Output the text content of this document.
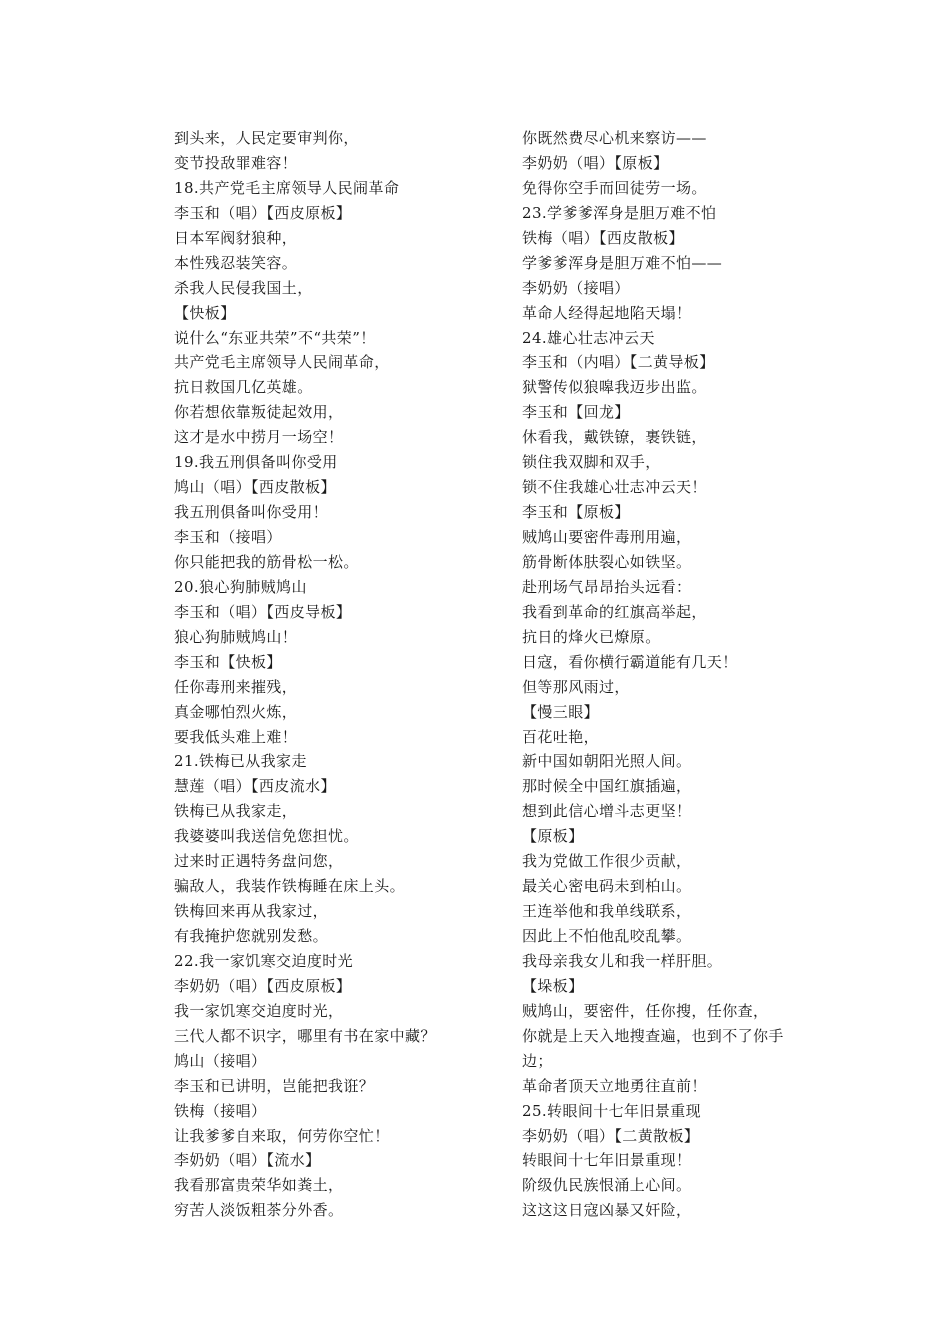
到头来，人民定要审判你，
变节投敌罪难容！
18.共产党毛主席领导人民闹革命
李玉和（唱）【西皮原板】
日本军阀豺狼种，
本性残忍装笑容。
杀我人民侵我国土，
【快板】
说什么“东亚共荣”不“共荣”！
共产党毛主席领导人民闹革命，
抗日救国几亿英雄。
你若想依靠叛徒起效用，
这才是水中捞月一场空！
19.我五刑俱备叫你受用
鸠山（唱）【西皮散板】
我五刑俱备叫你受用！
李玉和（接唱）
你只能把我的筋骨松一松。
20.狼心狗肺贼鸠山
李玉和（唱）【西皮导板】
狼心狗肺贼鸠山！
李玉和【快板】
任你毒刑来摧残，
真金哪怕烈火炼，
要我低头难上难！
21.铁梅已从我家走
慧莲（唱）【西皮流水】
铁梅已从我家走，
我婆婆叫我送信免您担忧。
过来时正遇特务盘问您，
骗敌人，我装作铁梅睡在床上头。
铁梅回来再从我家过，
有我掩护您就别发愁。
22.我一家饥寒交迫度时光
李奶奶（唱）【西皮原板】
我一家饥寒交迫度时光，
三代人都不识字，哪里有书在家中藏？
鸠山（接唱）
李玉和已讲明，岂能把我诳？
铁梅（接唱）
让我爹爹自来取，何劳你空忙！
李奶奶（唱）【流水】
我看那富贵荣华如粪土，
穷苦人淡饭粗茶分外香。
你既然费尽心机来察访——
李奶奶（唱）【原板】
免得你空手而回徒劳一场。
23.学爹爹浑身是胆万难不怕
铁梅（唱）【西皮散板】
学爹爹浑身是胆万难不怕——
李奶奶（接唱）
革命人经得起地陷天塌！
24.雄心壮志冲云天
李玉和（内唱）【二黄导板】
狱警传似狼嗥我迈步出监。
李玉和【回龙】
休看我，戴铁镣，裹铁链，
锁住我双脚和双手，
锁不住我雄心壮志冲云天！
李玉和【原板】
贼鸠山要密件毒刑用遍，
筋骨断体肤裂心如铁坚。
赴刑场气昂昂抬头远看：
我看到革命的红旗高举起，
抗日的烽火已燎原。
日寇，看你横行霸道能有几天！
但等那风雨过，
【慢三眼】
百花吐艳，
新中国如朝阳光照人间。
那时候全中国红旗插遍，
想到此信心增斗志更坚！
【原板】
我为党做工作很少贡献，
最关心密电码未到柏山。
王连举他和我单线联系，
因此上不怕他乱咬乱攀。
我母亲我女儿和我一样肝胆。
【垛板】
贼鸠山，要密件，任你搜，任你查，
你就是上天入地搜查遍，也到不了你手
边；
革命者顶天立地勇往直前！
25.转眼间十七年旧景重现
李奶奶（唱）【二黄散板】
转眼间十七年旧景重现！
阶级仇民族恨涌上心间。
这这这日寇凶暴又奸险，
